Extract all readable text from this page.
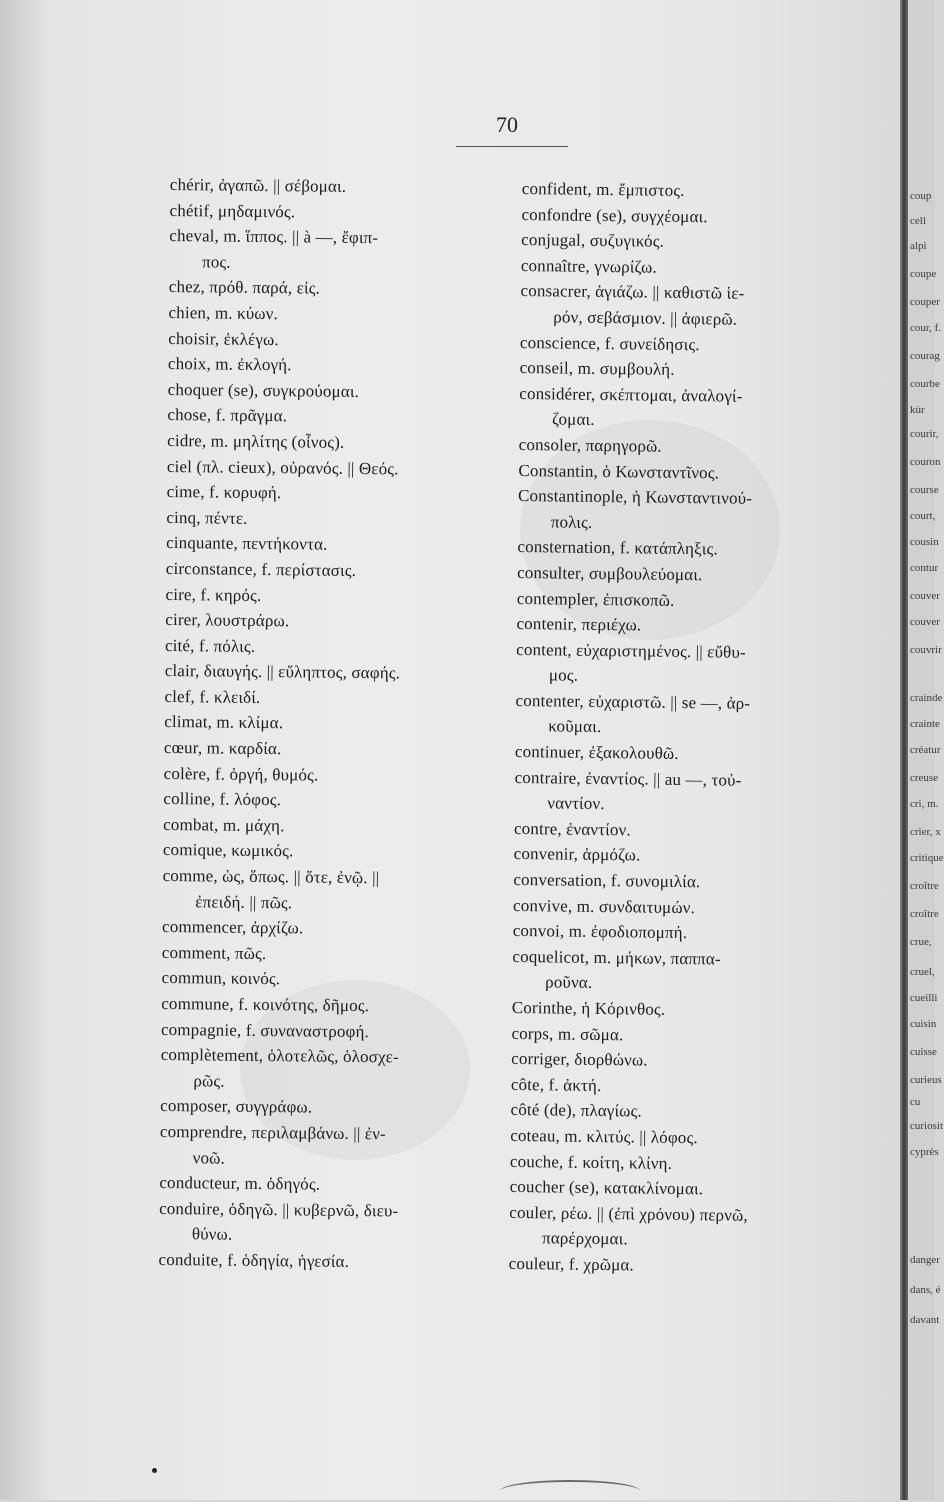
70
chérir, ἀγαπῶ. || σέβομαι.
chétif, μηδαμινός.
cheval, m. ἵππος. || à —, ἔφιπ-
πος.
chez, πρόθ. παρά, εἰς.
chien, m. κύων.
choisir, ἐκλέγω.
choix, m. ἐκλογή.
choquer (se), συγκρούομαι.
chose, f. πρᾶγμα.
cidre, m. μηλίτης (οἶνος).
ciel (πλ. cieux), οὐρανός. || Θεός.
cime, f. κορυφή.
cinq, πέντε.
cinquante, πεντήκοντα.
circonstance, f. περίστασις.
cire, f. κηρός.
cirer, λουστράρω.
cité, f. πόλις.
clair, διαυγής. || εὔληπτος, σαφής.
clef, f. κλειδί.
climat, m. κλίμα.
cœur, m. καρδία.
colère, f. ὀργή, θυμός.
colline, f. λόφος.
combat, m. μάχη.
comique, κωμικός.
comme, ὡς, ὅπως. || ὅτε, ἐνῷ. ||
ἐπειδή. || πῶς.
commencer, ἀρχίζω.
comment, πῶς.
commun, κοινός.
commune, f. κοινότης, δῆμος.
compagnie, f. συναναστροφή.
complètement, ὁλοτελῶς, ὁλοσχε-
ρῶς.
composer, συγγράφω.
comprendre, περιλαμβάνω. || ἐν-
νοῶ.
conducteur, m. ὁδηγός.
conduire, ὁδηγῶ. || κυβερνῶ, διευ-
θύνω.
conduite, f. ὁδηγία, ἡγεσία.
confident, m. ἔμπιστος.
confondre (se), συγχέομαι.
conjugal, συζυγικός.
connaître, γνωρίζω.
consacrer, ἁγιάζω. || καθιστῶ ἱε-
ρόν, σεβάσμιον. || ἀφιερῶ.
conscience, f. συνείδησις.
conseil, m. συμβουλή.
considérer, σκέπτομαι, ἀναλογί-
ζομαι.
consoler, παρηγορῶ.
Constantin, ὁ Κωνσταντῖνος.
Constantinople, ἡ Κωνσταντινού-
πολις.
consternation, f. κατάπληξις.
consulter, συμβουλεύομαι.
contempler, ἐπισκοπῶ.
contenir, περιέχω.
content, εὐχαριστημένος. || εὔθυ-
μος.
contenter, εὐχαριστῶ. || se —, ἀρ-
κοῦμαι.
continuer, ἐξακολουθῶ.
contraire, ἐναντίος. || au —, τοὐ-
ναντίον.
contre, ἐναντίον.
convenir, ἁρμόζω.
conversation, f. συνομιλία.
convive, m. συνδαιτυμών.
convoi, m. ἐφοδιοπομπή.
coquelicot, m. μήκων, παππα-
ροῦνα.
Corinthe, ἡ Κόρινθος.
corps, m. σῶμα.
corriger, διορθώνω.
côte, f. ἀκτή.
côté (de), πλαγίως.
coteau, m. κλιτύς. || λόφος.
couche, f. κοίτη, κλίνη.
coucher (se), κατακλίνομαι.
couler, ρέω. || (ἐπὶ χρόνου) περνῶ,
παρέρχομαι.
couleur, f. χρῶμα.
coup
cell
alpi
coupe
couper
cour, f.
courag
courbe
kùr
courir,
couron
course
court,
cousin
contur
couver
couver
couvrir
crainde
crainte
créatur
creuse
cri, m.
crier, x
critique
croître
croître
crue,
cruel,
cueilli
cuisin
cuisse
curieus
cu
curiosit
cyprès
danger
dans, é
davant
